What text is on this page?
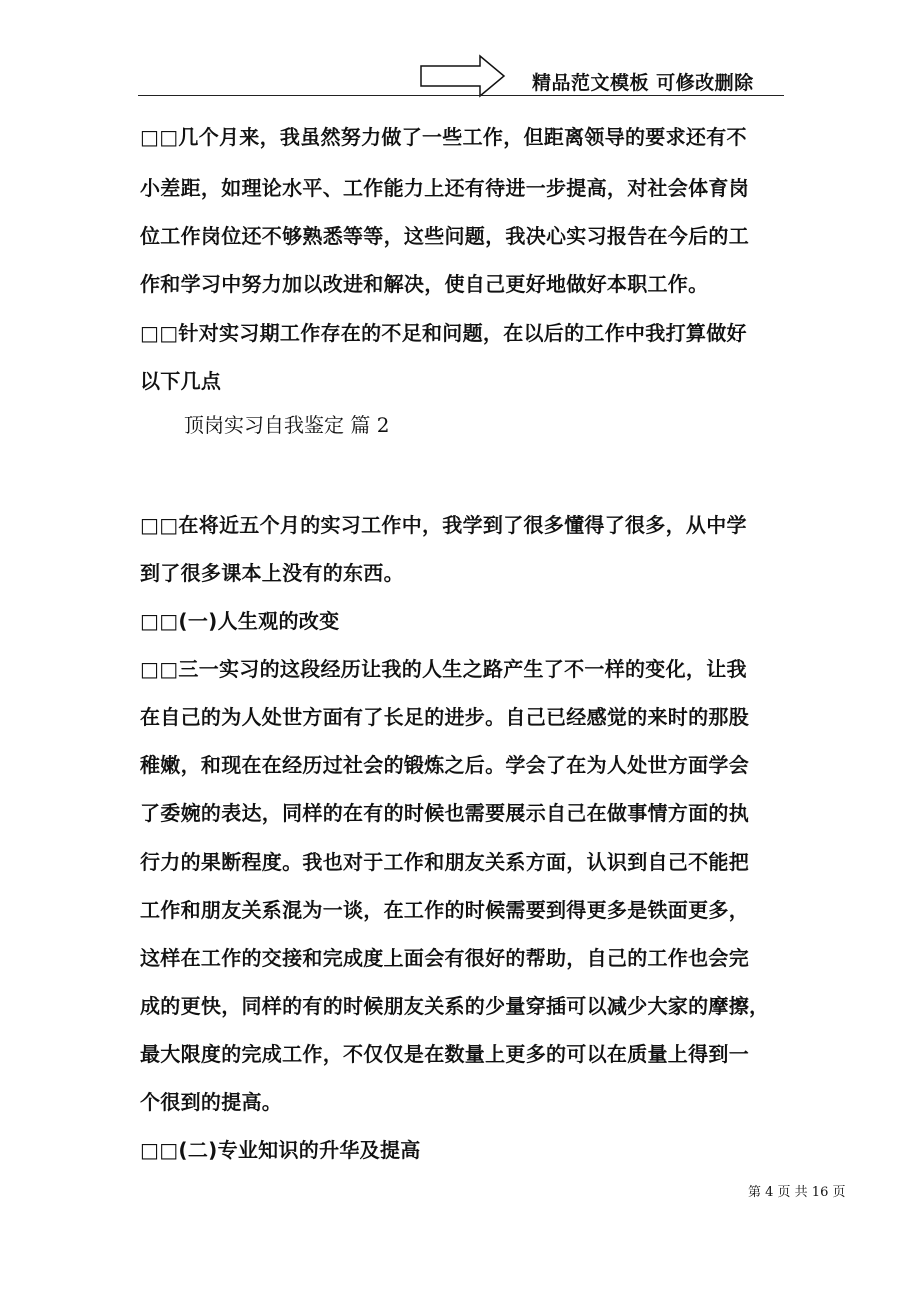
精品范文模板 可修改删除
□□几个月来，我虽然努力做了一些工作，但距离领导的要求还有不
小差距，如理论水平、工作能力上还有待进一步提高，对社会体育岗
位工作岗位还不够熟悉等等，这些问题，我决心实习报告在今后的工
作和学习中努力加以改进和解决，使自己更好地做好本职工作。
□□针对实习期工作存在的不足和问题，在以后的工作中我打算做好
以下几点
顶岗实习自我鉴定 篇 2
□□在将近五个月的实习工作中，我学到了很多懂得了很多，从中学
到了很多课本上没有的东西。
□□(一)人生观的改变
□□三一实习的这段经历让我的人生之路产生了不一样的变化，让我
在自己的为人处世方面有了长足的进步。自己已经感觉的来时的那股
稚嫩，和现在在经历过社会的锻炼之后。学会了在为人处世方面学会
了委婉的表达，同样的在有的时候也需要展示自己在做事情方面的执
行力的果断程度。我也对于工作和朋友关系方面，认识到自己不能把
工作和朋友关系混为一谈，在工作的时候需要到得更多是铁面更多，
这样在工作的交接和完成度上面会有很好的帮助，自己的工作也会完
成的更快，同样的有的时候朋友关系的少量穿插可以减少大家的摩擦，
最大限度的完成工作，不仅仅是在数量上更多的可以在质量上得到一
个很到的提高。
□□(二)专业知识的升华及提高
第 4 页 共 16 页
